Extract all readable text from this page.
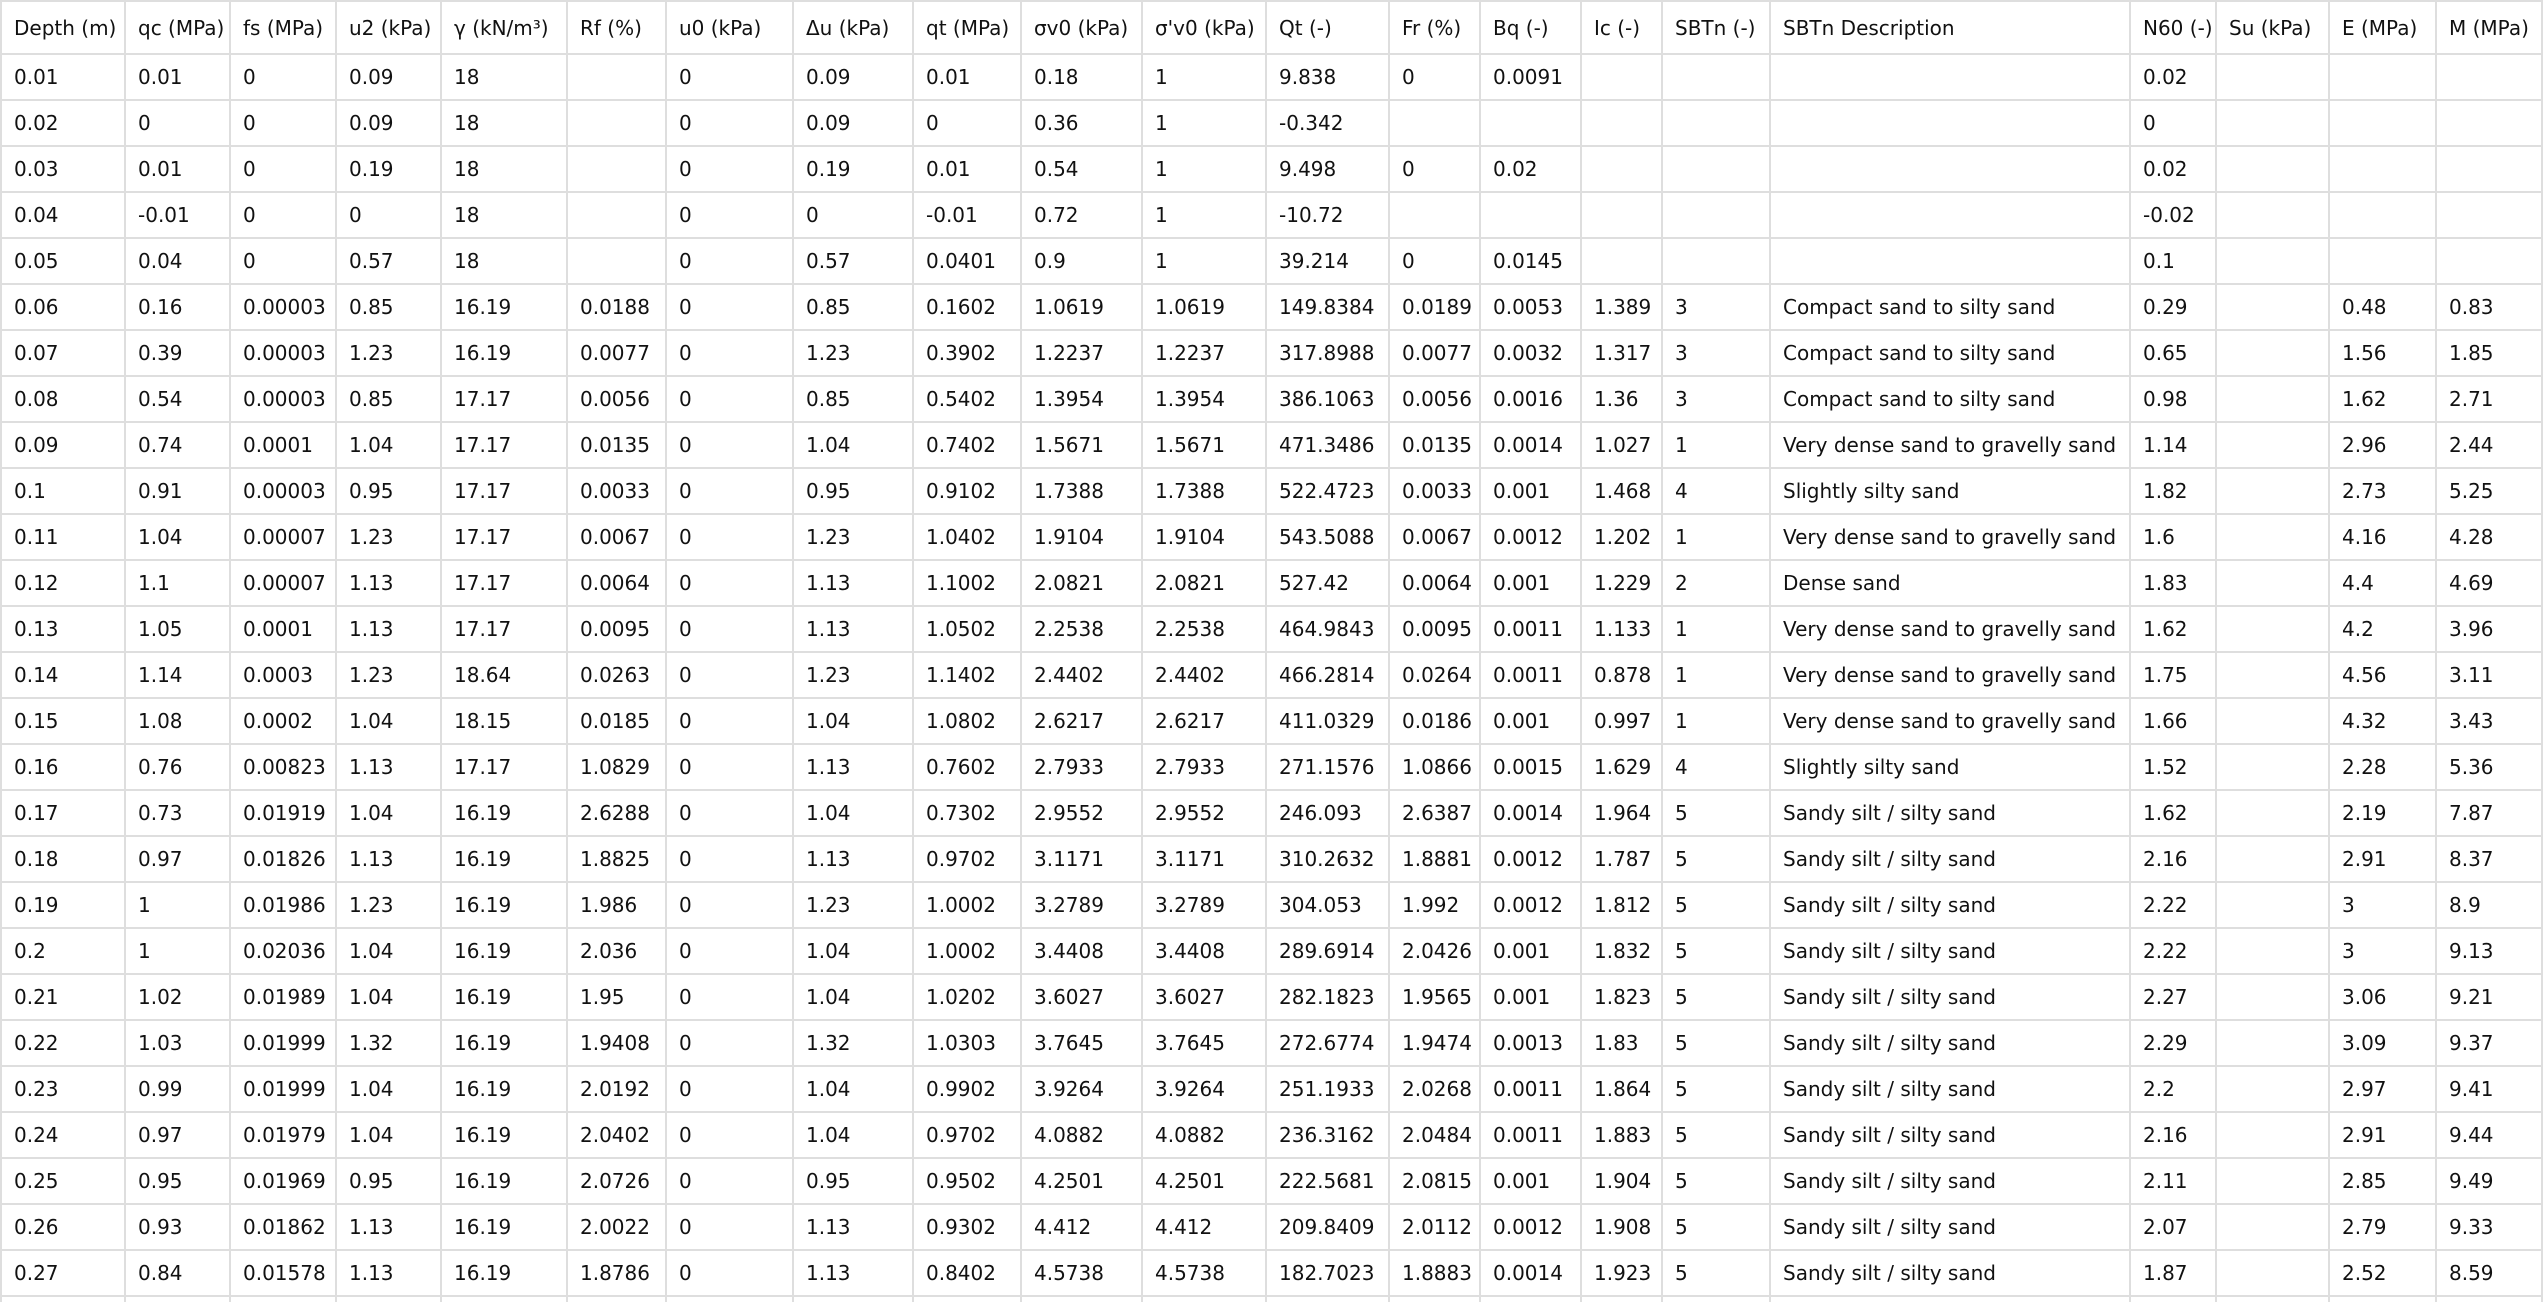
Depth (m)	qc (MPa)	fs (MPa)	u2 (kPa)	γ (kN/m³)	Rf (%)	u0 (kPa)	Δu (kPa)	qt (MPa)	σv0 (kPa)	σ'v0 (kPa)	Qt (-)	Fr (%)	Bq (-)	Ic (-)	SBTn (-)	SBTn Description	N60 (-)	Su (kPa)	E (MPa)	M (MPa)
0.01	0.01	0	0.09	18		0	0.09	0.01	0.18	1	9.838	0	0.0091				0.02			
0.02	0	0	0.09	18		0	0.09	0	0.36	1	-0.342						0			
0.03	0.01	0	0.19	18		0	0.19	0.01	0.54	1	9.498	0	0.02				0.02			
0.04	-0.01	0	0	18		0	0	-0.01	0.72	1	-10.72						-0.02			
0.05	0.04	0	0.57	18		0	0.57	0.0401	0.9	1	39.214	0	0.0145				0.1			
0.06	0.16	0.00003	0.85	16.19	0.0188	0	0.85	0.1602	1.0619	1.0619	149.8384	0.0189	0.0053	1.389	3	Compact sand to silty sand	0.29		0.48	0.83
0.07	0.39	0.00003	1.23	16.19	0.0077	0	1.23	0.3902	1.2237	1.2237	317.8988	0.0077	0.0032	1.317	3	Compact sand to silty sand	0.65		1.56	1.85
0.08	0.54	0.00003	0.85	17.17	0.0056	0	0.85	0.5402	1.3954	1.3954	386.1063	0.0056	0.0016	1.36	3	Compact sand to silty sand	0.98		1.62	2.71
0.09	0.74	0.0001	1.04	17.17	0.0135	0	1.04	0.7402	1.5671	1.5671	471.3486	0.0135	0.0014	1.027	1	Very dense sand to gravelly sand	1.14		2.96	2.44
0.1	0.91	0.00003	0.95	17.17	0.0033	0	0.95	0.9102	1.7388	1.7388	522.4723	0.0033	0.001	1.468	4	Slightly silty sand	1.82		2.73	5.25
0.11	1.04	0.00007	1.23	17.17	0.0067	0	1.23	1.0402	1.9104	1.9104	543.5088	0.0067	0.0012	1.202	1	Very dense sand to gravelly sand	1.6		4.16	4.28
0.12	1.1	0.00007	1.13	17.17	0.0064	0	1.13	1.1002	2.0821	2.0821	527.42	0.0064	0.001	1.229	2	Dense sand	1.83		4.4	4.69
0.13	1.05	0.0001	1.13	17.17	0.0095	0	1.13	1.0502	2.2538	2.2538	464.9843	0.0095	0.0011	1.133	1	Very dense sand to gravelly sand	1.62		4.2	3.96
0.14	1.14	0.0003	1.23	18.64	0.0263	0	1.23	1.1402	2.4402	2.4402	466.2814	0.0264	0.0011	0.878	1	Very dense sand to gravelly sand	1.75		4.56	3.11
0.15	1.08	0.0002	1.04	18.15	0.0185	0	1.04	1.0802	2.6217	2.6217	411.0329	0.0186	0.001	0.997	1	Very dense sand to gravelly sand	1.66		4.32	3.43
0.16	0.76	0.00823	1.13	17.17	1.0829	0	1.13	0.7602	2.7933	2.7933	271.1576	1.0866	0.0015	1.629	4	Slightly silty sand	1.52		2.28	5.36
0.17	0.73	0.01919	1.04	16.19	2.6288	0	1.04	0.7302	2.9552	2.9552	246.093	2.6387	0.0014	1.964	5	Sandy silt / silty sand	1.62		2.19	7.87
0.18	0.97	0.01826	1.13	16.19	1.8825	0	1.13	0.9702	3.1171	3.1171	310.2632	1.8881	0.0012	1.787	5	Sandy silt / silty sand	2.16		2.91	8.37
0.19	1	0.01986	1.23	16.19	1.986	0	1.23	1.0002	3.2789	3.2789	304.053	1.992	0.0012	1.812	5	Sandy silt / silty sand	2.22		3	8.9
0.2	1	0.02036	1.04	16.19	2.036	0	1.04	1.0002	3.4408	3.4408	289.6914	2.0426	0.001	1.832	5	Sandy silt / silty sand	2.22		3	9.13
0.21	1.02	0.01989	1.04	16.19	1.95	0	1.04	1.0202	3.6027	3.6027	282.1823	1.9565	0.001	1.823	5	Sandy silt / silty sand	2.27		3.06	9.21
0.22	1.03	0.01999	1.32	16.19	1.9408	0	1.32	1.0303	3.7645	3.7645	272.6774	1.9474	0.0013	1.83	5	Sandy silt / silty sand	2.29		3.09	9.37
0.23	0.99	0.01999	1.04	16.19	2.0192	0	1.04	0.9902	3.9264	3.9264	251.1933	2.0268	0.0011	1.864	5	Sandy silt / silty sand	2.2		2.97	9.41
0.24	0.97	0.01979	1.04	16.19	2.0402	0	1.04	0.9702	4.0882	4.0882	236.3162	2.0484	0.0011	1.883	5	Sandy silt / silty sand	2.16		2.91	9.44
0.25	0.95	0.01969	0.95	16.19	2.0726	0	0.95	0.9502	4.2501	4.2501	222.5681	2.0815	0.001	1.904	5	Sandy silt / silty sand	2.11		2.85	9.49
0.26	0.93	0.01862	1.13	16.19	2.0022	0	1.13	0.9302	4.412	4.412	209.8409	2.0112	0.0012	1.908	5	Sandy silt / silty sand	2.07		2.79	9.33
0.27	0.84	0.01578	1.13	16.19	1.8786	0	1.13	0.8402	4.5738	4.5738	182.7023	1.8883	0.0014	1.923	5	Sandy silt / silty sand	1.87		2.52	8.59
